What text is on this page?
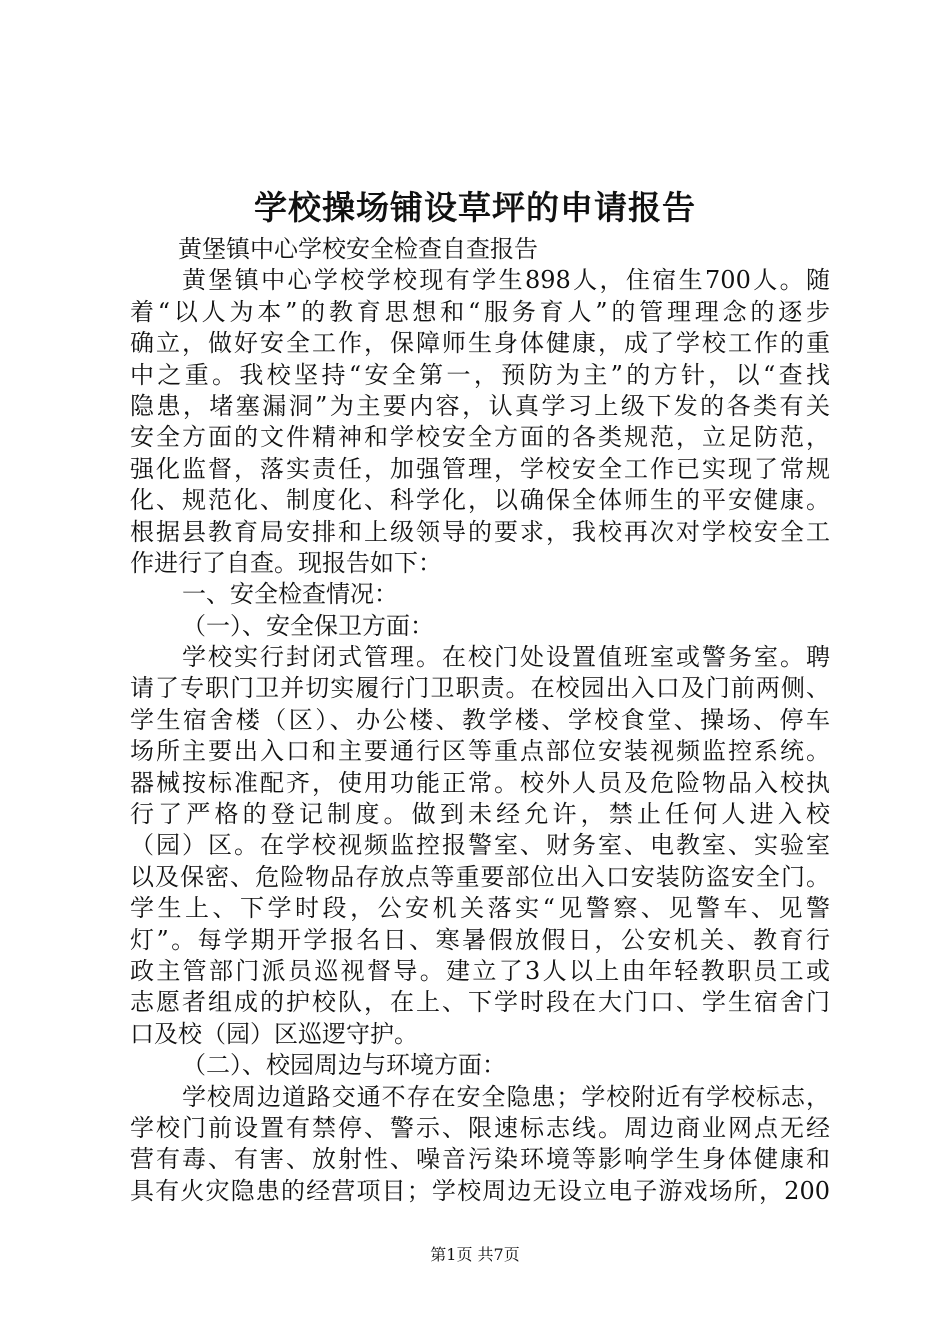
学校操场铺设草坪的申请报告
黄堡镇中心学校安全检查自查报告
黄堡镇中心学校学校现有学生898人，住宿生700人。随
着“以人为本”的教育思想和“服务育人”的管理理念的逐步
确立，做好安全工作，保障师生身体健康，成了学校工作的重
中之重。我校坚持“安全第一，预防为主”的方针，以“查找
隐患，堵塞漏洞”为主要内容，认真学习上级下发的各类有关
安全方面的文件精神和学校安全方面的各类规范，立足防范，
强化监督，落实责任，加强管理，学校安全工作已实现了常规
化、规范化、制度化、科学化，以确保全体师生的平安健康。
根据县教育局安排和上级领导的要求，我校再次对学校安全工
作进行了自查。现报告如下：
一、安全检查情况：
（一）、安全保卫方面：
学校实行封闭式管理。在校门处设置值班室或警务室。聘
请了专职门卫并切实履行门卫职责。在校园出入口及门前两侧、
学生宿舍楼（区）、办公楼、教学楼、学校食堂、操场、停车
场所主要出入口和主要通行区等重点部位安装视频监控系统。
器械按标准配齐，使用功能正常。校外人员及危险物品入校执
行了严格的登记制度。做到未经允许，禁止任何人进入校
（园）区。在学校视频监控报警室、财务室、电教室、实验室
以及保密、危险物品存放点等重要部位出入口安装防盗安全门。
学生上、下学时段，公安机关落实“见警察、见警车、见警
灯”。每学期开学报名日、寒暑假放假日，公安机关、教育行
政主管部门派员巡视督导。建立了3人以上由年轻教职员工或
志愿者组成的护校队，在上、下学时段在大门口、学生宿舍门
口及校（园）区巡逻守护。
（二）、校园周边与环境方面：
学校周边道路交通不存在安全隐患；学校附近有学校标志，
学校门前设置有禁停、警示、限速标志线。周边商业网点无经
营有毒、有害、放射性、噪音污染环境等影响学生身体健康和
具有火灾隐患的经营项目；学校周边无设立电子游戏场所，200
第1页 共7页
